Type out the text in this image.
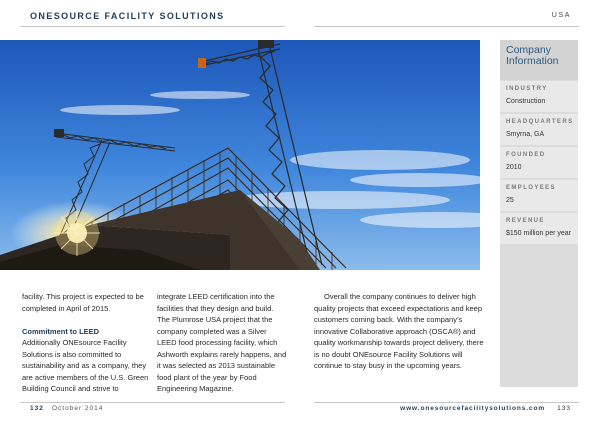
ONESOURCE FACILITY SOLUTIONS	USA
Company Information
INDUSTRY
Construction
HEADQUARTERS
Smyrna, GA
FOUNDED
2010
EMPLOYEES
25
REVENUE
$150 million per year

facility. This project is expected to be completed in April of 2015.

Commitment to LEED

Additionally ONEsource Facility Solutions is also committed to sustainability and as a company, they are active members of the U.S. Green Building Council and strive to

integrate LEED certification into the facilities that they design and build. The Plumrose USA project that the company completed was a Silver LEED food processing facility, which Ashworth explains rarely happens, and it was selected as 2013 sustainable food plant of the year by Food Engineering Magazine.

Overall the company continues to deliver high quality projects that exceed expectations and keep customers coming back. With the company’s innovative Collaborative approach (OSCA®) and quality workmanship towards project delivery, there is no doubt ONEsource Facility Solutions will continue to stay busy in the upcoming years.

132 October 2014	www.onesourcefacilitysolutions.com 133
